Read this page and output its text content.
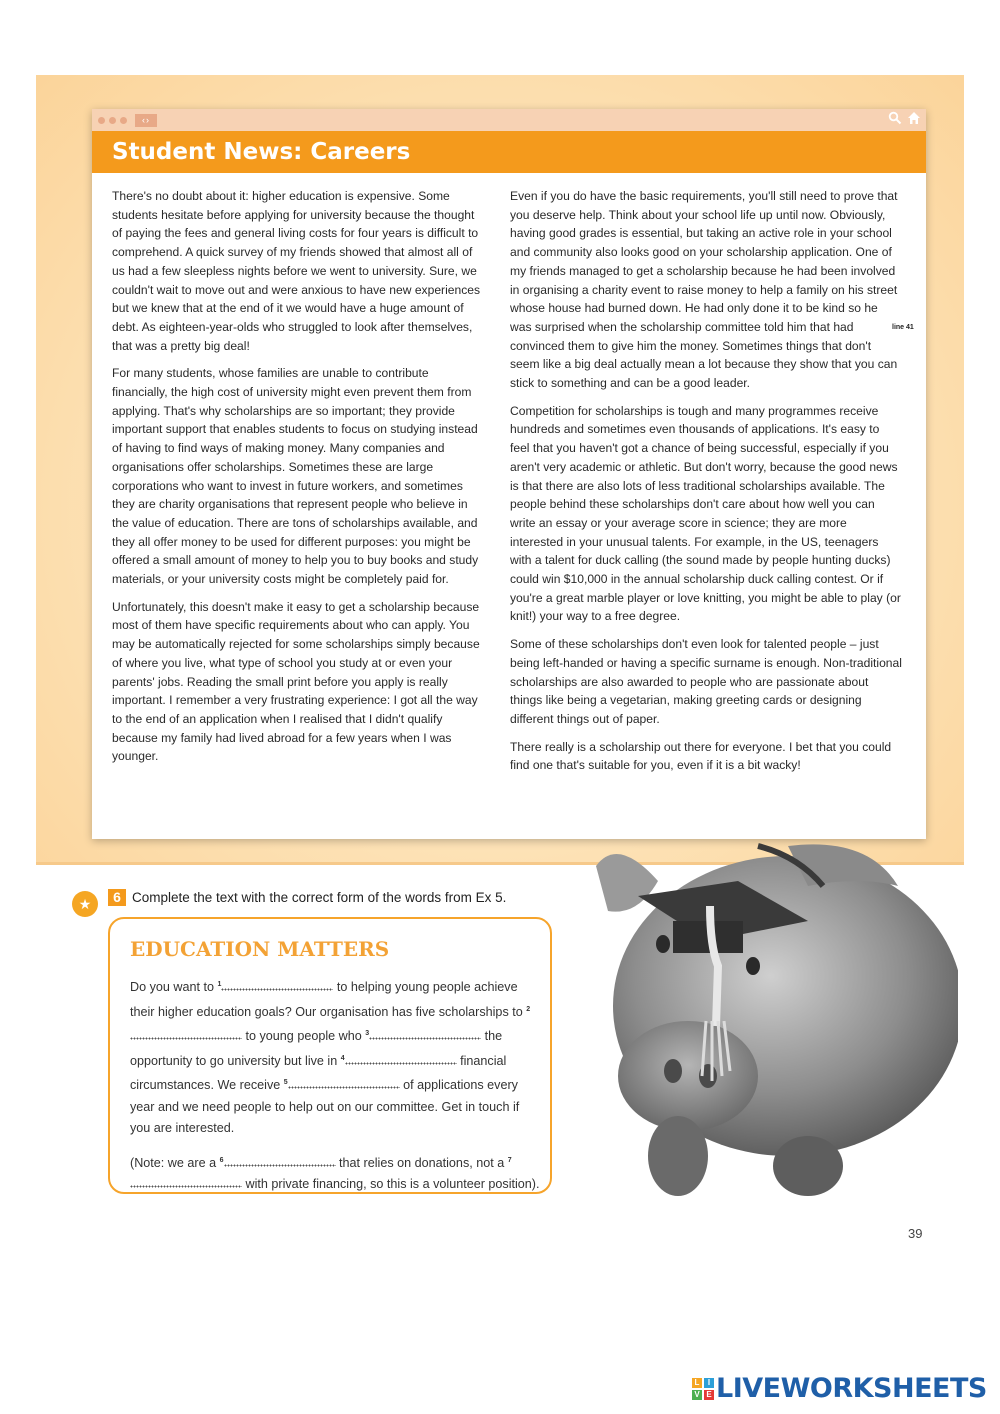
‹›
Student News: Careers

There's no doubt about it: higher education is expensive. Some students hesitate before applying for university because the thought of paying the fees and general living costs for four years is difficult to comprehend. A quick survey of my friends showed that almost all of us had a few sleepless nights before we went to university. Sure, we couldn't wait to move out and were anxious to have new experiences but we knew that at the end of it we would have a huge amount of debt. As eighteen-year-olds who struggled to look after themselves, that was a pretty big deal!

For many students, whose families are unable to contribute financially, the high cost of university might even prevent them from applying. That's why scholarships are so important; they provide important support that enables students to focus on studying instead of having to find ways of making money. Many companies and organisations offer scholarships. Sometimes these are large corporations who want to invest in future workers, and sometimes they are charity organisations that represent people who believe in the value of education. There are tons of scholarships available, and they all offer money to be used for different purposes: you might be offered a small amount of money to help you to buy books and study materials, or your university costs might be completely paid for.

Unfortunately, this doesn't make it easy to get a scholarship because most of them have specific requirements about who can apply. You may be automatically rejected for some scholarships simply because of where you live, what type of school you study at or even your parents' jobs. Reading the small print before you apply is really important. I remember a very frustrating experience: I got all the way to the end of an application when I realised that I didn't qualify because my family had lived abroad for a few years when I was younger.

Even if you do have the basic requirements, you'll still need to prove that you deserve help. Think about your school life up until now. Obviously, having good grades is essential, but taking an active role in your school and community also looks good on your scholarship application. One of my friends managed to get a scholarship because he had been involved in organising a charity event to raise money to help a family on his street whose house had burned down. He had only done it to be kind so he was surprised when the scholarship committee told him that had convinced them to give him the money. Sometimes things that don't seem like a big deal actually mean a lot because they show that you can stick to something and can be a good leader.

Competition for scholarships is tough and many programmes receive hundreds and sometimes even thousands of applications. It's easy to feel that you haven't got a chance of being successful, especially if you aren't very academic or athletic. But don't worry, because the good news is that there are also lots of less traditional scholarships available. The people behind these scholarships don't care about how well you can write an essay or your average score in science; they are more interested in your unusual talents. For example, in the US, teenagers with a talent for duck calling (the sound made by people hunting ducks) could win $10,000 in the annual scholarship duck calling contest. Or if you're a great marble player or love knitting, you might be able to play (or knit!) your way to a free degree.

Some of these scholarships don't even look for talented people – just being left-handed or having a specific surname is enough. Non-traditional scholarships are also awarded to people who are passionate about things like being a vegetarian, making greeting cards or designing different things out of paper.

There really is a scholarship out there for everyone. I bet that you could find one that's suitable for you, even if it is a bit wacky!

line 41
★	6 Complete the text with the correct form of the words from Ex 5.
EDUCATION MATTERS

Do you want to $^1$	to helping young people achieve their higher education goals? Our organisation has five scholarships to $^2$ to young people who $^3$	the opportunity to go university but live in $^4$	financial circumstances. We receive $^5$	of applications every year and we need people to help out on our committee. Get in touch if you are interested.

(Note: we are a $^6$	that relies on donations, not a $^7$ with private financing, so this is a volunteer position).

39
L	I
V E LIVEWORKSHEETS
